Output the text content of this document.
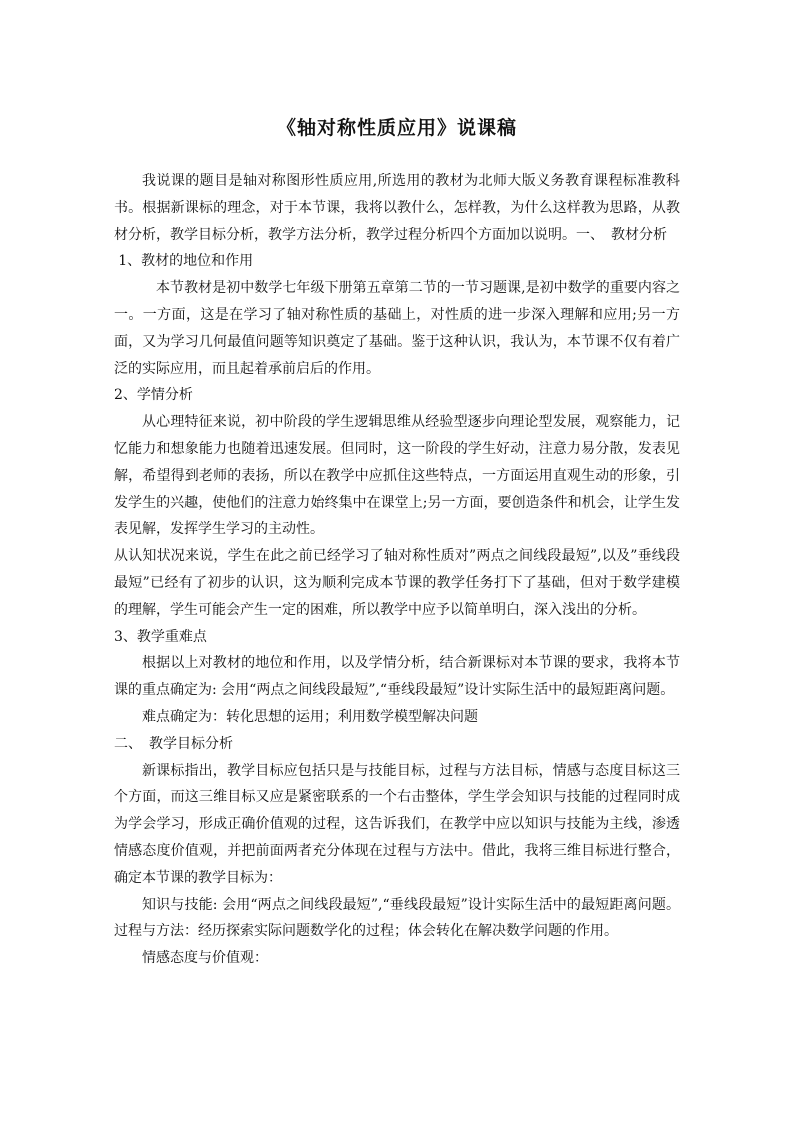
《轴对称性质应用》说课稿

我说课的题目是轴对称图形性质应用,所选用的教材为北师大版义务教育课程标准教科书。根据新课标的理念，对于本节课，我将以教什么，怎样教，为什么这样教为思路，从教材分析，教学目标分析，教学方法分析，教学过程分析四个方面加以说明。一、　教材分析

1、教材的地位和作用

本节教材是初中数学七年级下册第五章第二节的一节习题课,是初中数学的重要内容之一。一方面，这是在学习了轴对称性质的基础上，对性质的进一步深入理解和应用;另一方面，又为学习几何最值问题等知识奠定了基础。鉴于这种认识，我认为，本节课不仅有着广泛的实际应用，而且起着承前启后的作用。

2、学情分析

从心理特征来说，初中阶段的学生逻辑思维从经验型逐步向理论型发展，观察能力，记忆能力和想象能力也随着迅速发展。但同时，这一阶段的学生好动，注意力易分散，发表见解，希望得到老师的表扬，所以在教学中应抓住这些特点，一方面运用直观生动的形象，引发学生的兴趣，使他们的注意力始终集中在课堂上;另一方面，要创造条件和机会，让学生发表见解，发挥学生学习的主动性。

从认知状况来说，学生在此之前已经学习了轴对称性质对”两点之间线段最短”,以及”垂线段最短”已经有了初步的认识，这为顺利完成本节课的教学任务打下了基础，但对于数学建模的理解，学生可能会产生一定的困难，所以教学中应予以简单明白，深入浅出的分析。

3、教学重难点

根据以上对教材的地位和作用，以及学情分析，结合新课标对本节课的要求，我将本节课的重点确定为: 会用“两点之间线段最短”,“垂线段最短”设计实际生活中的最短距离问题。

难点确定为：转化思想的运用；利用数学模型解决问题

二、　教学目标分析

新课标指出，教学目标应包括只是与技能目标，过程与方法目标，情感与态度目标这三个方面，而这三维目标又应是紧密联系的一个右击整体，学生学会知识与技能的过程同时成为学会学习，形成正确价值观的过程，这告诉我们，在教学中应以知识与技能为主线，渗透情感态度价值观，并把前面两者充分体现在过程与方法中。借此，我将三维目标进行整合，确定本节课的教学目标为：

知识与技能: 会用“两点之间线段最短”,“垂线段最短”设计实际生活中的最短距离问题。过程与方法：经历探索实际问题数学化的过程；体会转化在解决数学问题的作用。

情感态度与价值观：
